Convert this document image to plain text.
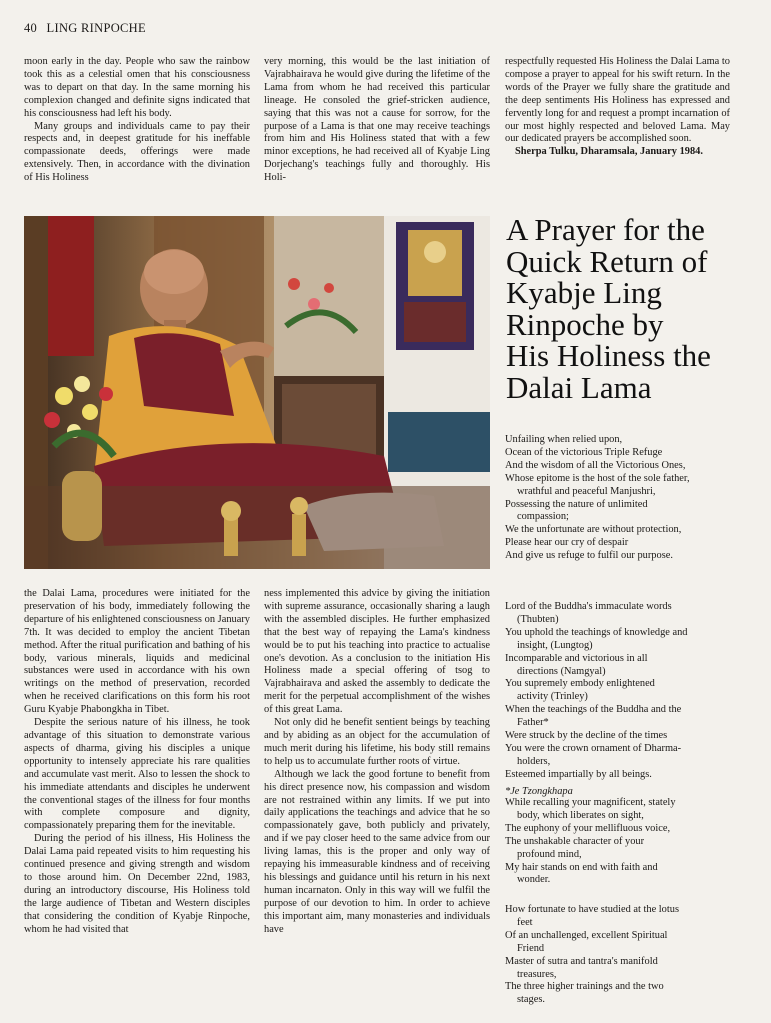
40 LING RINPOCHE

moon early in the day. People who saw the rainbow took this as a celestial omen that his consciousness was to depart on that day. In the same morning his complexion changed and definite signs indicated that his consciousness had left his body.

Many groups and individuals came to pay their respects and, in deepest gratitude for his ineffable compassionate deeds, offerings were made extensively. Then, in accordance with the divination of His Holiness

very morning, this would be the last initiation of Vajrabhairava he would give during the lifetime of the Lama from whom he had received this particular lineage. He consoled the grief-stricken audience, saying that this was not a cause for sorrow, for the purpose of a Lama is that one may receive teachings from him and His Holiness stated that with a few minor exceptions, he had received all of Kyabje Ling Dorjechang's teachings fully and thoroughly. His Holi-

respectfully requested His Holiness the Dalai Lama to compose a prayer to appeal for his swift return. In the words of the Prayer we fully share the gratitude and the deep sentiments His Holiness has expressed and fervently long for and request a prompt incarnation of our most highly respected and beloved Lama. May our dedicated prayers be accomplished soon.

Sherpa Tulku, Dharamsala, January 1984.

A Prayer for the
Quick Return of
Kyabje Ling
Rinpoche by
His Holiness the
Dalai Lama
Unfailing when relied upon,
Ocean of the victorious Triple Refuge
And the wisdom of all the Victorious Ones,
Whose epitome is the host of the sole father,
wrathful and peaceful Manjushri,
Possessing the nature of unlimited
compassion;
We the unfortunate are without protection,
Please hear our cry of despair
And give us refuge to fulfil our purpose.
Lord of the Buddha's immaculate words
(Thubten)
You uphold the teachings of knowledge and
insight, (Lungtog)
Incomparable and victorious in all
directions (Namgyal)
You supremely embody enlightened
activity (Trinley)
When the teachings of the Buddha and the
Father*
Were struck by the decline of the times
You were the crown ornament of Dharma-
holders,
Esteemed impartially by all beings.
*Je Tzongkhapa
While recalling your magnificent, stately
body, which liberates on sight,
The euphony of your mellifluous voice,
The unshakable character of your
profound mind,
My hair stands on end with faith and
wonder.
How fortunate to have studied at the lotus
feet
Of an unchallenged, excellent Spiritual
Friend
Master of sutra and tantra's manifold
treasures,
The three higher trainings and the two
stages.

the Dalai Lama, procedures were initiated for the preservation of his body, immediately following the departure of his enlightened consciousness on January 7th. It was decided to employ the ancient Tibetan method. After the ritual purification and bathing of his body, various minerals, liquids and medicinal substances were used in accordance with his own writings on the method of preservation, recorded when he received clarifications on this form his root Guru Kyabje Phabongkha in Tibet.

Despite the serious nature of his illness, he took advantage of this situation to demonstrate various aspects of dharma, giving his disciples a unique opportunity to intensely appreciate his rare qualities and accumulate vast merit. Also to lessen the shock to his immediate attendants and disciples he underwent the conventional stages of the illness for four months with complete composure and dignity, compassionately preparing them for the inevitable.

During the period of his illness, His Holiness the Dalai Lama paid repeated visits to him requesting his continued presence and giving strength and wisdom to those around him. On December 22nd, 1983, during an introductory discourse, His Holiness told the large audience of Tibetan and Western disciples that considering the condition of Kyabje Rinpoche, whom he had visited that

ness implemented this advice by giving the initiation with supreme assurance, occasionally sharing a laugh with the assembled disciples. He further emphasized that the best way of repaying the Lama's kindness would be to put his teaching into practice to actualise one's devotion. As a conclusion to the initiation His Holiness made a special offering of tsog to Vajrabhairava and asked the assembly to dedicate the merit for the perpetual accomplishment of the wishes of this great Lama.

Not only did he benefit sentient beings by teaching and by abiding as an object for the accumulation of much merit during his lifetime, his body still remains to help us to accumulate further roots of virtue.

Although we lack the good fortune to benefit from his direct presence now, his compassion and wisdom are not restrained within any limits. If we put into daily applications the teachings and advice that he so compassionately gave, both publicly and privately, and if we pay closer heed to the same advice from our living lamas, this is the proper and only way of repaying his immeasurable kindness and of receiving his blessings and guidance until his return in his next human incarnaton. Only in this way will we fulfil the purpose of our devotion to him. In order to achieve this important aim, many monasteries and individuals have
